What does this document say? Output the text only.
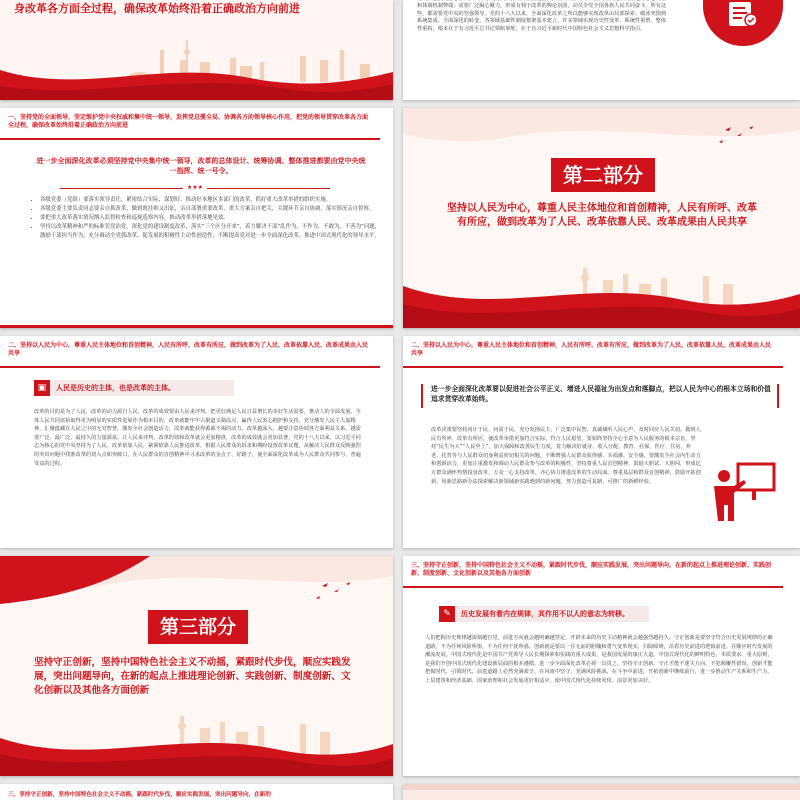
身改革各方面全过程，确保改革始终沿着正确政治方向前进	和体制机制弊端；需要广泛凝心聚力，形成有利于改革的舆论氛围，动员全党全国各族人民共同奋斗。所有这些，都需要党中央的坚强领导。党的十八大以来，全面深化改革之所以能够实现改革由局部探索、破冰突围到系统集成、全面深化的转变，各领域基础性制度框架基本建立，许多领域实现历史性变革、系统性重塑、整体性重构，根本在于有习近平总书记领航掌舵，在于有习近平新时代中国特色社会主义思想科学指引。
一、坚持党的全面领导，坚定维护党中央权威和集中统一领导，发挥党总揽全局、协调各方的领导核心作用，把党的领导贯穿改革各方面全过程，确保改革始终沿着正确政治方向前进
进一步全面深化改革必须坚持党中央集中统一领导，改革的总体设计、统筹协调、整体推进都要由党中央统一指挥、统一号令。
★★★
• 各级党委（党组）要落实领导责任，紧密结合实际，谋划好、推动好本地区本部门的改革，抓好重大改革举措的组织实施。
• 各级党委主要负责同志要亲自抓改革，做到既挂帅又出征，亲自部署重要改革、重大方案亲自把关、关键环节亲自协调、落实情况亲自督察。
• 要把重大改革落实情况纳入监督检查和巡视巡察内容，推动改革举措落地见效。
• 坚持以改革精神和严的标准管党治党，深化党的建设制度改革，落实“三个区分开来”，着力解决干部“乱作为、不作为、不敢为、不善为”问题，激励干部担当作为，充分调动全党抓改革、促发展的积极性主动性创造性，不断提高党对进一步全面深化改革、推进中国式现代化的领导水平。
第二部分
坚持以人民为中心，尊重人民主体地位和首创精神，人民有所呼、改革有所应，做到改革为了人民、改革依靠人民、改革成果由人民共享
二、坚持以人民为中心，尊重人民主体地位和首创精神，人民有所呼、改革有所应，做到改革为了人民、改革依靠人民、改革成果由人民共享
▣	人民是历史的主体，也是改革的主体。
改革的目的是为了人民，改革的动力源自人民，改革的成效要由人民来评判。把更好满足人民日益增长的美好生活需要，推动人的全面发展、全体人民共同富裕取得更为明显的实质性进展作为根本目的，改革就能牢牢占据道义制高点，赢得人民衷心拥护和支持。充分激发人民主人翁精神，汇聚蕴藏在人民之中的无穷智慧，激发全社会创造活力，改革就能获得源源不竭的动力。改革越深入，越要注意协调各方面利益关系，越需要广泛、最广泛、最持久的力量源泉。让人民来评判，改革的效和改革就会更加精准，改革的成效就会更加显著。党的十八大以来，以习近平同志为核心的党中央坚持为了人民、改革依靠人民，紧紧依靠人民推进改革。根据人民群众的诉求和期盼设置改革议题，从解决人民群众反映强烈的突出问题中找准改革的切入点和突破口，在人民群众的首创精神中寻求改革的金点子、好路子，使全面深化改革成为人民群众共同参与、普遍受益的过程。
二、坚持以人民为中心，尊重人民主体地位和首创精神，人民有所呼、改革有所应，做到改革为了人民、改革依靠人民、改革成果由人民共享
进一步全面深化改革要以促进社会公平正义、增进人民福祉为出发点和落脚点，把以人民为中心的根本立场和价值追求贯穿改革始终。
改革决策要坚持问计于民、问需于民，充分发扬民主，广泛集中民智，真诚倾听人民心声，及时回应人民关切。做到人民有所呼、改革有所应，使改革举措更加符合实际、符合人民愿望。要始终坚持全心全意为人民服务的根本宗旨，坚持“民生为大”“人民至上”，加大保障和改善民生力度，着力解决好就业、收入分配、教育、社保、医疗、住房、养老、托育等与人民群众切身利益密切相关的问题，不断增强人民群众获得感、幸福感、安全感。要激发全社会内生动力和创新活力，更加注重激发和调动人民群众参与改革的积极性，坚持尊重人民首创精神，鼓励大胆试、大胆闯，形成亿万群众满怀热情投身改革、万众一心支持改革、齐心协力推进改革的生动局面。尊重基层和群众首创精神，鼓励开拓创新，用新思路新办法探索解决新领域新实践遇到的新问题，努力创造可复制、可推广的新鲜经验。
第三部分
坚持守正创新，坚持中国特色社会主义不动摇，紧跟时代步伐，顺应实践发展，突出问题导向，在新的起点上推进理论创新、实践创新、制度创新、文化创新以及其他各方面创新
三、坚持守正创新，坚持中国特色社会主义不动摇，紧跟时代步伐，顺应实践发展，突出问题导向，在新的起点上推进理论创新、实践创新、制度创新、文化创新以及其他各方面创新
✎	历史发展有着内在规律，其作用不以人的意志为转移。
人们把握历史规律越深刻越自觉，前进方向就会越明确越坚定，开辟未来的历史主动精神就会越强烈越持久。守正创新是要坚守符合历史发展规律的正确道路，不为任何风险所惧，不为任何干扰所惑。创新就是要以一往无前的胆魄和勇气变革现实，扫除障碍，沿着历史前进的逻辑前进、在顺应时代发展的潮流发展。中国式现代化是中国共产党领导人民长期探索和实践的重大成果，是我国发展的康庄大道。中国式现代化的鲜明特色、本质要求、重大原则，是我们开创中国式现代化建设新局面的根本遵循。进一步全面深化改革必须一以贯之，坚持守正创新。守正才能不迷失方向、不犯颠覆性错误，创新才能把握时代、引领时代。前进道路上必然充满艰辛，在风雨中坚守、充满风险挑战，在斗争中前进，开拓创新中继续前行，进一步推动生产关系和生产力、上层建筑和经济基础、国家治理和社会发展更好相适应，使中国式现代化持续更快、前景更加美好。
三、坚持守正创新，坚持中国特色社会主义不动摇，紧跟时代步伐，顺应实践发展，突出问题导向，在新的
